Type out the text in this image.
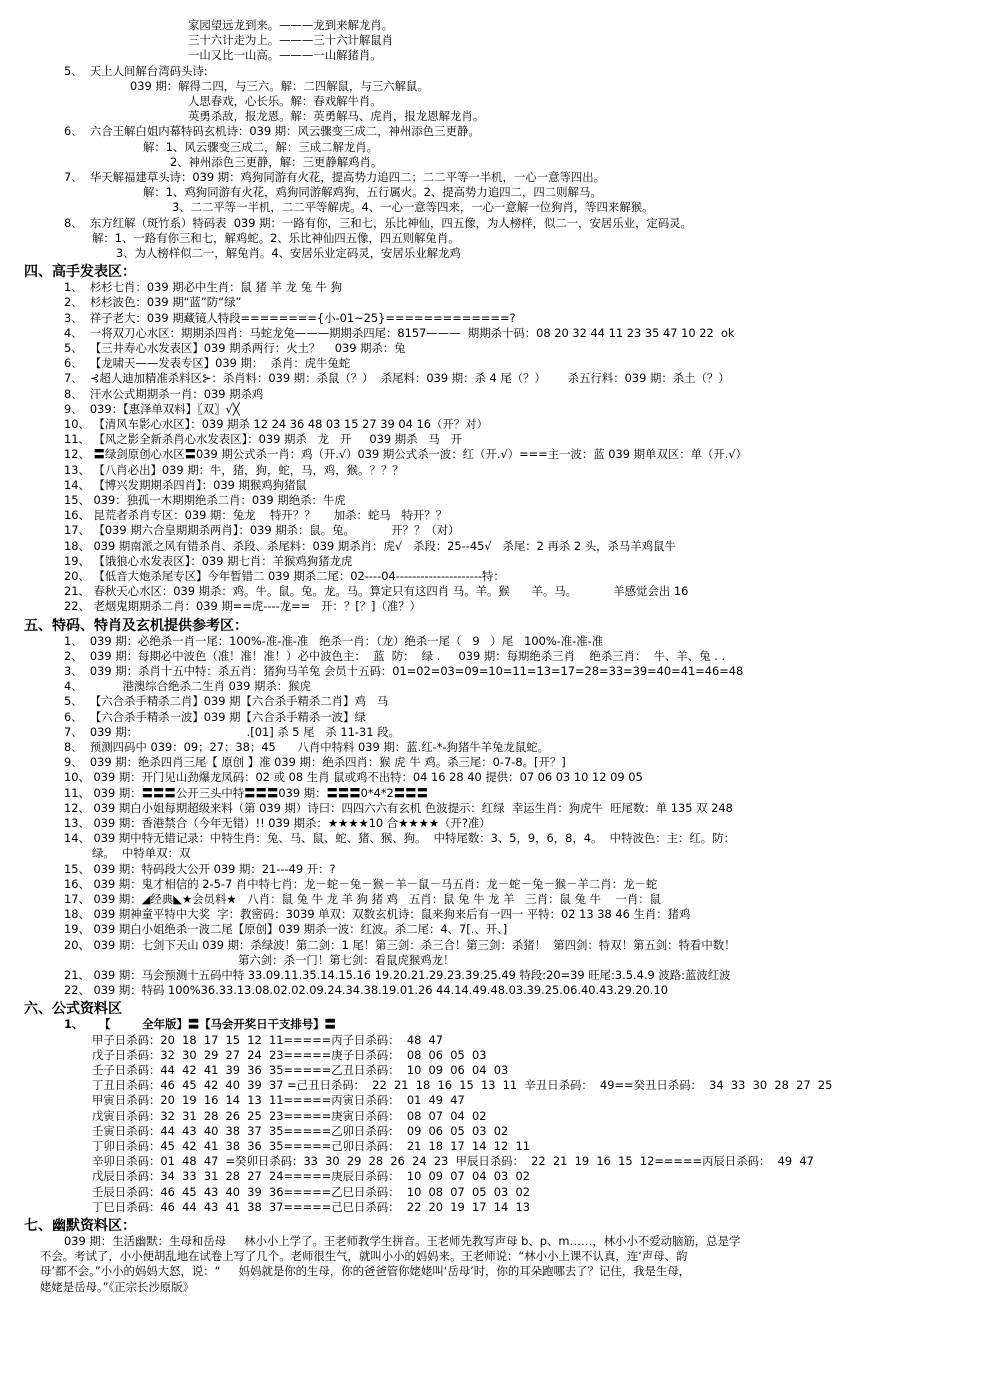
家园望远龙到来。———龙到来解龙肖。
三十六计走为上。———三十六计解鼠肖
一山又比一山高。———一山解猪肖。
5、  天上人间解台湾码头诗:
039 期：解得二四，与三六。解：二四解鼠，与三六解鼠。
人思春戏，心长乐。解：春戏解牛肖。
英勇杀敌，报龙恩。解：英勇解马、虎肖，报龙恩解龙肖。
6、  六合王解白姐内幕特码玄机诗：039 期：风云骤变三成二，神州添色三更静。
解：1、风云骤变三成二，解：三成二解龙肖。
2、神州添色三更静，解：三更静解鸡肖。
7、  华天解福建草头诗：039 期：鸡狗同游有火花，提高势力追四二；二二平等一半机，一心一意等四出。
解：1、鸡狗同游有火花，鸡狗同游解鸡狗，五行属火。2、提高势力追四二，四二则解马。
3、二二平等一半机，二二平等解虎。4、一心一意等四来，一心一意解一位狗肖，等四来解猴。
8、  东方红解（斑竹系）特码表  039 期：一路有你，三和七，乐比神仙，四五像，为人榜样，似二一，安居乐业，定码灵。
解：1、一路有你三和七，解鸡蛇。2、乐比神仙四五像，四五则解兔肖。
3、为人榜样似二一，解兔肖。4、安居乐业定码灵，安居乐业解龙鸡
四、高手发表区：
1、  杉杉七肖：039 期必中生肖：鼠 猪 羊 龙 兔 牛 狗
2、  杉杉波色：039 期“蓝”防“绿”
3、  祥子老大：039 期藏镜人特段========{小-01~25}=============?
4、  一将双刀心水区：期期杀四肖：马蛇龙兔———期期杀四尾：8157———  期期杀十码：08 20 32 44 11 23 35 47 10 22  ok
5、  【三井寿心水发表区】039 期杀两行：火土？    039 期杀：兔
6、  【龙啸天——发表专区】039 期：  杀肖：虎牛兔蛇
7、  ⊰超人迪加精准杀料区⊱：杀肖料：039 期：杀鼠（？）  杀尾料：039 期：杀 4 尾（？）      杀五行料：039 期：杀土（？）
8、  汗水公式期期杀一肖：039 期杀鸡
9、  039：【惠泽单双料】〖双〗√╳
10、 【清风车影心水区】：039 期杀 12 24 36 48 03 15 27 39 04 16（开？对）
11、 【风之影全新杀肖心水发表区】：039 期杀   龙   开     039 期杀   马   开
12、 〓绿剑原创心水区〓039 期公式杀一肖：鸡（开.√）039 期公式杀一波：红（开.√）===主一波：蓝 039 期单双区：单（开.√）
13、 【八肖必出】039 期：牛，猪，狗，蛇，马，鸡，猴。？？？
14、 【博兴发期期杀四肖】：039 期猴鸡狗猪鼠
15、 039：独孤一木期期绝杀二肖：039 期绝杀：牛虎
16、 昆荒者杀肖专区：039 期：兔龙    特开？？     加杀：蛇马   特开？？
17、 【039 期六合皇期期杀两肖】：039 期杀：鼠。兔。          开？？（对）
18、 039 期南派之风有错杀肖、杀段、杀尾料：039 期杀肖：虎√   杀段：25--45√   杀尾：2 再杀 2 头，杀马羊鸡鼠牛
19、 【饿狼心水发表区】：039 期七肖：羊猴鸡狗猪龙虎
20、 【低音大炮杀尾专区】今年暂错二 039 期杀二尾：02----04---------------------特：
21、 春秋天心水区：039 期杀：鸡。牛。鼠。兔。龙。马。算定只有这四肖 马。羊。猴      羊。马。          羊感觉会出 16
22、 老烟鬼期期杀二肖：039 期==虎----龙==   开：？[？]（准？）
五、特码、特肖及玄机提供参考区：
1、  039 期：必绝杀一肖一尾：100%-准-准-准   绝杀一肖：（龙）绝杀一尾（   9   ）尾   100%-准-准-准
2、  039 期：每期必中波色（准！准！准！）必中波色主：  蓝  防：  绿 .     039 期：每期绝杀三肖    绝杀三肖：  牛、羊、兔 . .
3、  039 期：杀肖十五中特：杀五肖：猪狗马羊兔 会员十五码：01=02=03=09=10=11=13=17=28=33=39=40=41=46=48
4、           港澳综合绝杀二生肖 039 期杀：猴虎
5、  【六合杀手精杀二肖】039 期【六合杀手精杀二肖】鸡   马
6、  【六合杀手精杀一波】039 期【六合杀手精杀一波】绿
7、  039 期：                              .[01] 杀 5 尾   杀 11-31 段。
8、  预测四码中 039：09；27；38；45      八肖中特料 039 期：蓝.红-*-狗猪牛羊兔龙鼠蛇。
9、  039 期：绝杀四肖三尾【 原创 】准 039 期：绝杀四肖：猴 虎 牛 鸡。杀三尾：0-7-8。[开？]
10、 039 期：开门见山劲爆龙凤码：02 或 08 生肖 鼠或鸡不出特：04 16 28 40 提供：07 06 03 10 12 09 05
11、 039 期：〓〓〓公开三头中特〓〓〓039 期：〓〓〓0*4*2〓〓〓
12、 039 期白小姐每期超级来料（第 039 期）诗曰：四四六六有玄机 色波提示：红绿  幸运生肖：狗虎牛  旺尾数：单 135 双 248
13、 039 期：香港禁合（今年无错）!! 039 期杀：★★★★10 合★★★★（开?准）
14、 039 期中特无错记录：中特生肖：兔、马、鼠、蛇、猪、猴、狗。  中特尾数：3、5，9，6，8，4。  中特波色：主：红。防：
绿。  中特单双：双
15、 039 期：特码段大公开 039 期：21---49 开：?
16、 039 期：鬼才相信的 2-5-7 肖中特七肖：龙－蛇－兔－猴－羊－鼠－马五肖：龙－蛇－兔－猴－羊二肖：龙－蛇
17、 039 期：◢经典◣★会员料★   八肖：鼠 兔 牛 龙 羊 狗 猪 鸡   五肖：鼠 兔 牛 龙 羊   三肖：鼠 兔 牛    一肖：鼠
18、 039 期神童平特中大奖  字：教密码：3039 单双：双数玄机诗：鼠来狗来后有一四一 平特：02 13 38 46 生肖：猪鸡
19、 039 期白小姐绝杀一波二尾【原创】039 期杀一波：红波。杀二尾：4、7[.、开、]
20、 039 期：七剑下天山 039 期：杀绿波！第二剑：1 尾！第三剑：杀三合！第三剑：杀猪！  第四剑：特双！第五剑：特看中数！
第六剑：杀一门！第七剑：看鼠虎猴鸡龙！
21、 039 期：马会预测十五码中特 33.09.11.35.14.15.16 19.20.21.29.23.39.25.49 特段:20=39 旺尾:3.5.4.9 波路:蓝波红波
22、 039 期：特码 100%36.33.13.08.02.02.09.24.34.38.19.01.26 44.14.49.48.03.39.25.06.40.43.29.20.10
六、公式资料区
1、    【        全年版】〓【马会开奖日干支排号】〓
甲子日杀码：20  18  17  15  12  11=====丙子日杀码：  48  47
戊子日杀码：32  30  29  27  24  23=====庚子日杀码：  08  06  05  03
壬子日杀码：44  42  41  39  36  35=====乙丑日杀码：  10  09  06  04  03
丁丑日杀码：46  45  42  40  39  37 =己丑日杀码：  22  21  18  16  15  13  11  辛丑日杀码：  49==癸丑日杀码：  34  33  30  28  27  25
甲寅日杀码：20  19  16  14  13  11=====丙寅日杀码：  01  49  47
戊寅日杀码：32  31  28  26  25  23=====庚寅日杀码：  08  07  04  02
壬寅日杀码：44  43  40  38  37  35=====乙卯日杀码：  09  06  05  03  02
丁卯日杀码：45  42  41  38  36  35=====己卯日杀码：  21  18  17  14  12  11
辛卯日杀码：01  48  47  =癸卯日杀码：33  30  29  28  26  24  23  甲辰日杀码：  22  21  19  16  15  12=====丙辰日杀码：  49  47
戊辰日杀码：34  33  31  28  27  24=====庚辰日杀码：  10  09  07  04  03  02
壬辰日杀码：46  45  43  40  39  36=====乙巳日杀码：  10  08  07  05  03  02
丁巳日杀码：46  44  43  41  38  37=====己巳日杀码：  22  20  19  17  14  13
七、幽默资料区：
039 期：生活幽默：生母和岳母     林小小上学了。王老师教学生拼音。王老师先教写声母 b、p、m……，林小小不爱动脑筋，总是学
不会。考试了，小小便胡乱地在试卷上写了几个。老师很生气，就叫小小的妈妈来。王老师说：“林小小上课不认真，连‘声母、韵
母’都不会。”小小的妈妈大怒，说：“     妈妈就是你的生母，你的爸爸管你姥姥叫‘岳母’时，你的耳朵跑哪去了？记住，我是生母，
姥姥是岳母。”《正宗长沙原版》
